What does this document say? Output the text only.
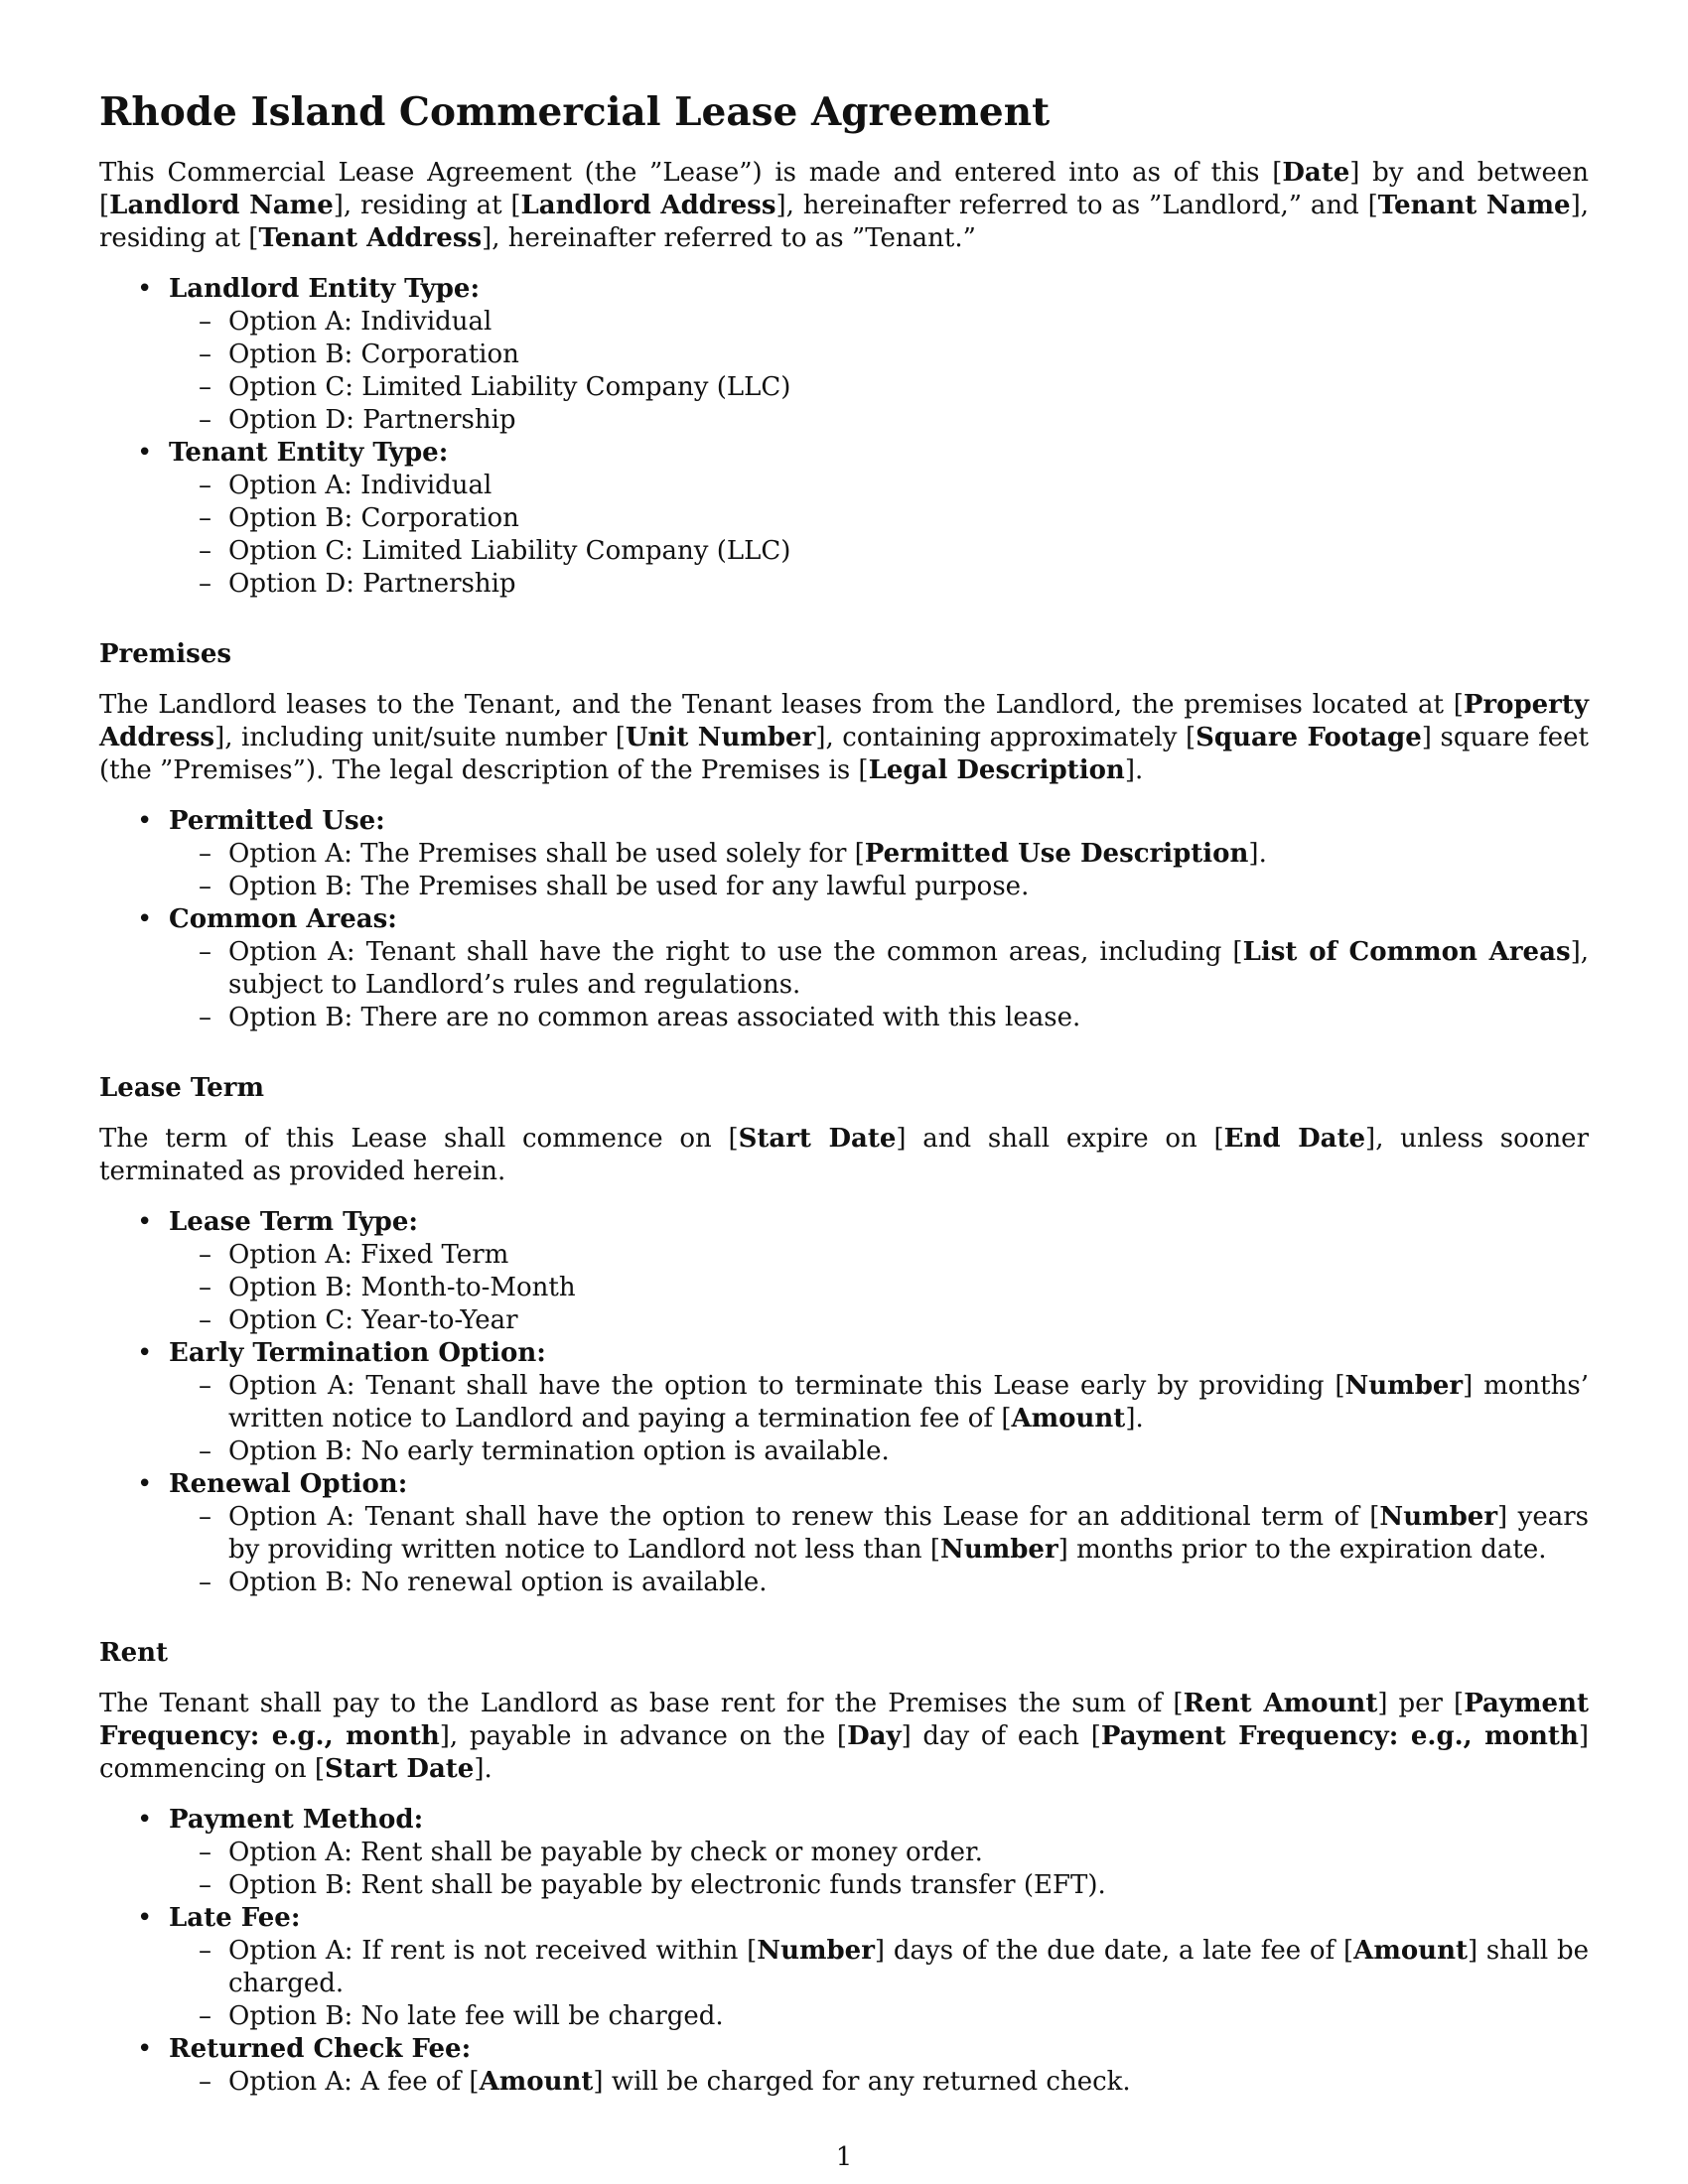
Rhode Island Commercial Lease Agreement

This Commercial Lease Agreement (the ”Lease”) is made and entered into as of this [Date] by and between [Landlord Name], residing at [Landlord Address], hereinafter referred to as ”Landlord,” and [Tenant Name], residing at [Tenant Address], hereinafter referred to as ”Tenant.”

• Landlord Entity Type:
– Option A: Individual
– Option B: Corporation
– Option C: Limited Liability Company (LLC)
– Option D: Partnership
• Tenant Entity Type:
– Option A: Individual
– Option B: Corporation
– Option C: Limited Liability Company (LLC)
– Option D: Partnership
Premises

The Landlord leases to the Tenant, and the Tenant leases from the Landlord, the premises located at [Property Address], including unit/suite number [Unit Number], containing approximately [Square Footage] square feet (the ”Premises”). The legal description of the Premises is [Legal Description].

• Permitted Use:
– Option A: The Premises shall be used solely for [Permitted Use Description].
– Option B: The Premises shall be used for any lawful purpose.
• Common Areas:
– Option A: Tenant shall have the right to use the common areas, including [List of Common Areas], subject to Landlord’s rules and regulations.
– Option B: There are no common areas associated with this lease.
Lease Term

The term of this Lease shall commence on [Start Date] and shall expire on [End Date], unless sooner terminated as provided herein.

• Lease Term Type:
– Option A: Fixed Term
– Option B: Month-to-Month
– Option C: Year-to-Year
• Early Termination Option:
– Option A: Tenant shall have the option to terminate this Lease early by providing [Number] months’ written notice to Landlord and paying a termination fee of [Amount].
– Option B: No early termination option is available.
• Renewal Option:
– Option A: Tenant shall have the option to renew this Lease for an additional term of [Number] years by providing written notice to Landlord not less than [Number] months prior to the expiration date.
– Option B: No renewal option is available.
Rent

The Tenant shall pay to the Landlord as base rent for the Premises the sum of [Rent Amount] per [Payment Frequency: e.g., month], payable in advance on the [Day] day of each [Payment Frequency: e.g., month] commencing on [Start Date].

• Payment Method:
– Option A: Rent shall be payable by check or money order.
– Option B: Rent shall be payable by electronic funds transfer (EFT).
• Late Fee:
– Option A: If rent is not received within [Number] days of the due date, a late fee of [Amount] shall be charged.
– Option B: No late fee will be charged.
• Returned Check Fee:
– Option A: A fee of [Amount] will be charged for any returned check.
1
